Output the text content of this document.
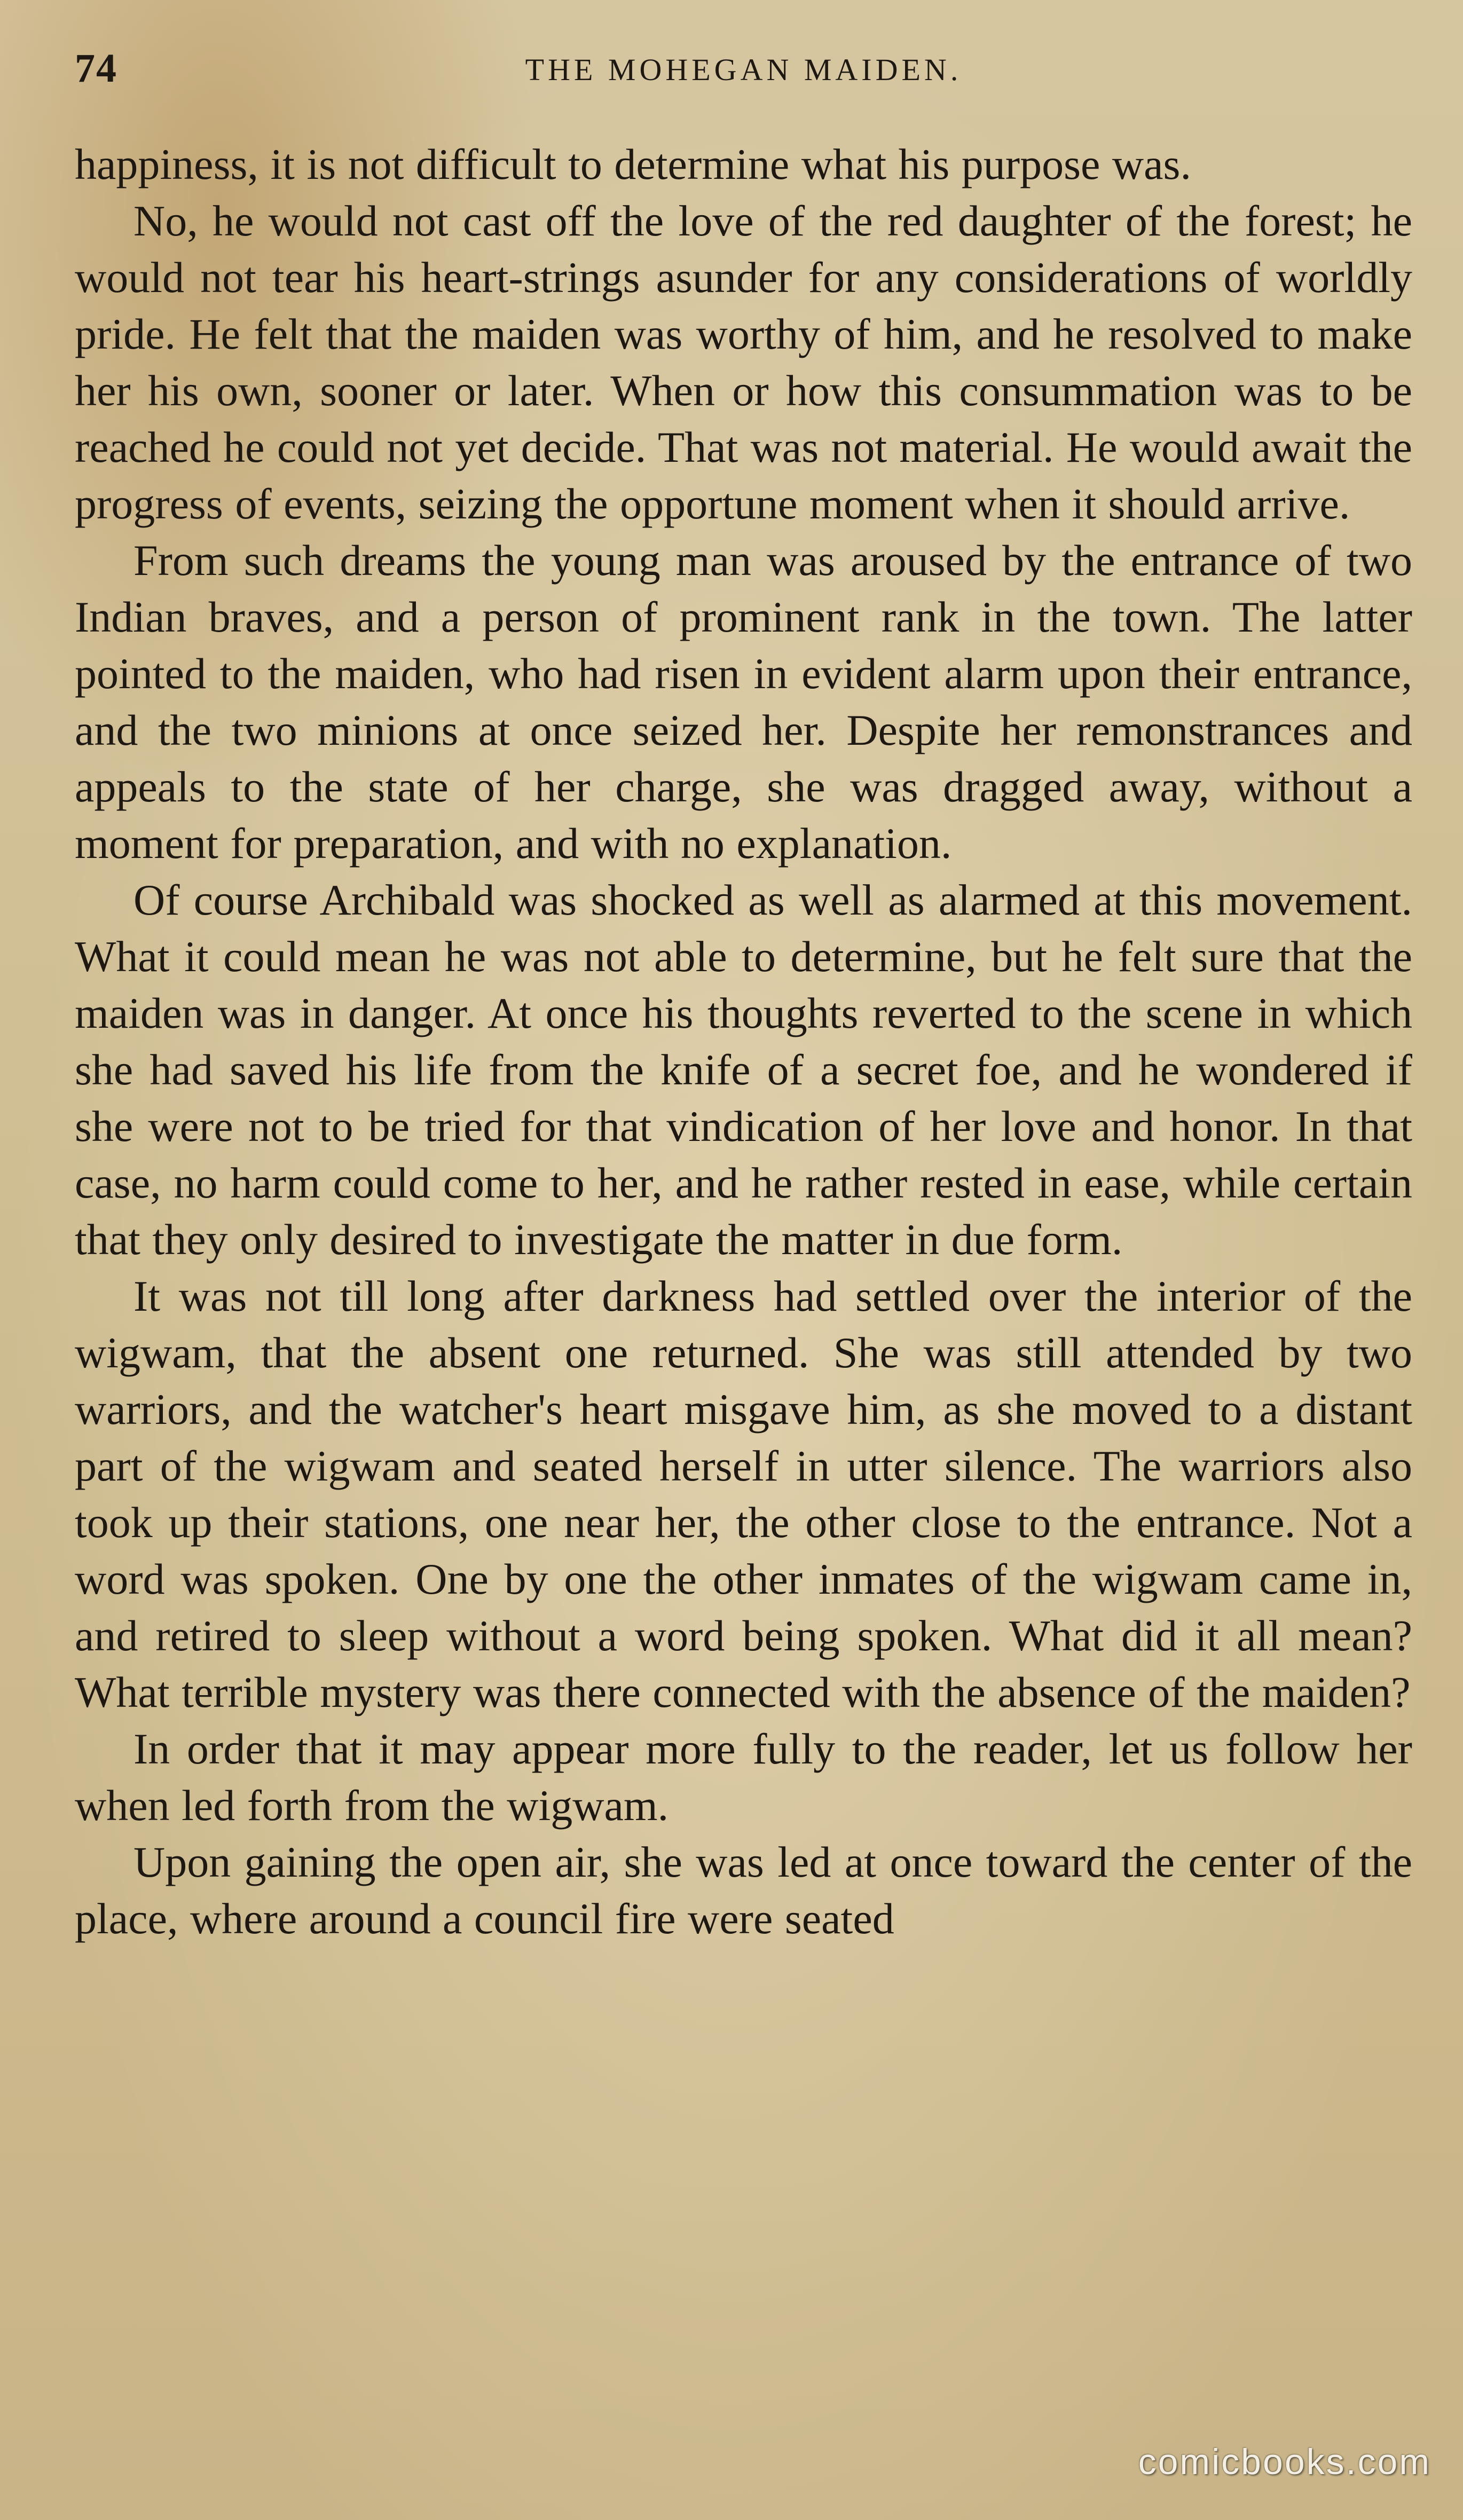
74	THE MOHEGAN MAIDEN.

happiness, it is not difficult to determine what his purpose was.

No, he would not cast off the love of the red daughter of the forest; he would not tear his heart-strings asunder for any considerations of worldly pride. He felt that the maiden was worthy of him, and he resolved to make her his own, sooner or later. When or how this consummation was to be reached he could not yet decide. That was not material. He would await the progress of events, seizing the opportune moment when it should arrive.

From such dreams the young man was aroused by the entrance of two Indian braves, and a person of prominent rank in the town. The latter pointed to the maiden, who had risen in evident alarm upon their entrance, and the two minions at once seized her. Despite her remonstrances and appeals to the state of her charge, she was dragged away, without a moment for preparation, and with no explanation.

Of course Archibald was shocked as well as alarmed at this movement. What it could mean he was not able to determine, but he felt sure that the maiden was in danger. At once his thoughts reverted to the scene in which she had saved his life from the knife of a secret foe, and he wondered if she were not to be tried for that vindication of her love and honor. In that case, no harm could come to her, and he rather rested in ease, while certain that they only desired to investigate the matter in due form.

It was not till long after darkness had settled over the interior of the wigwam, that the absent one returned. She was still attended by two warriors, and the watcher's heart misgave him, as she moved to a distant part of the wigwam and seated herself in utter silence. The warriors also took up their stations, one near her, the other close to the entrance. Not a word was spoken. One by one the other inmates of the wigwam came in, and retired to sleep without a word being spoken. What did it all mean? What terrible mystery was there connected with the absence of the maiden?

In order that it may appear more fully to the reader, let us follow her when led forth from the wigwam.

Upon gaining the open air, she was led at once toward the center of the place, where around a council fire were seated

comicbooks.com
